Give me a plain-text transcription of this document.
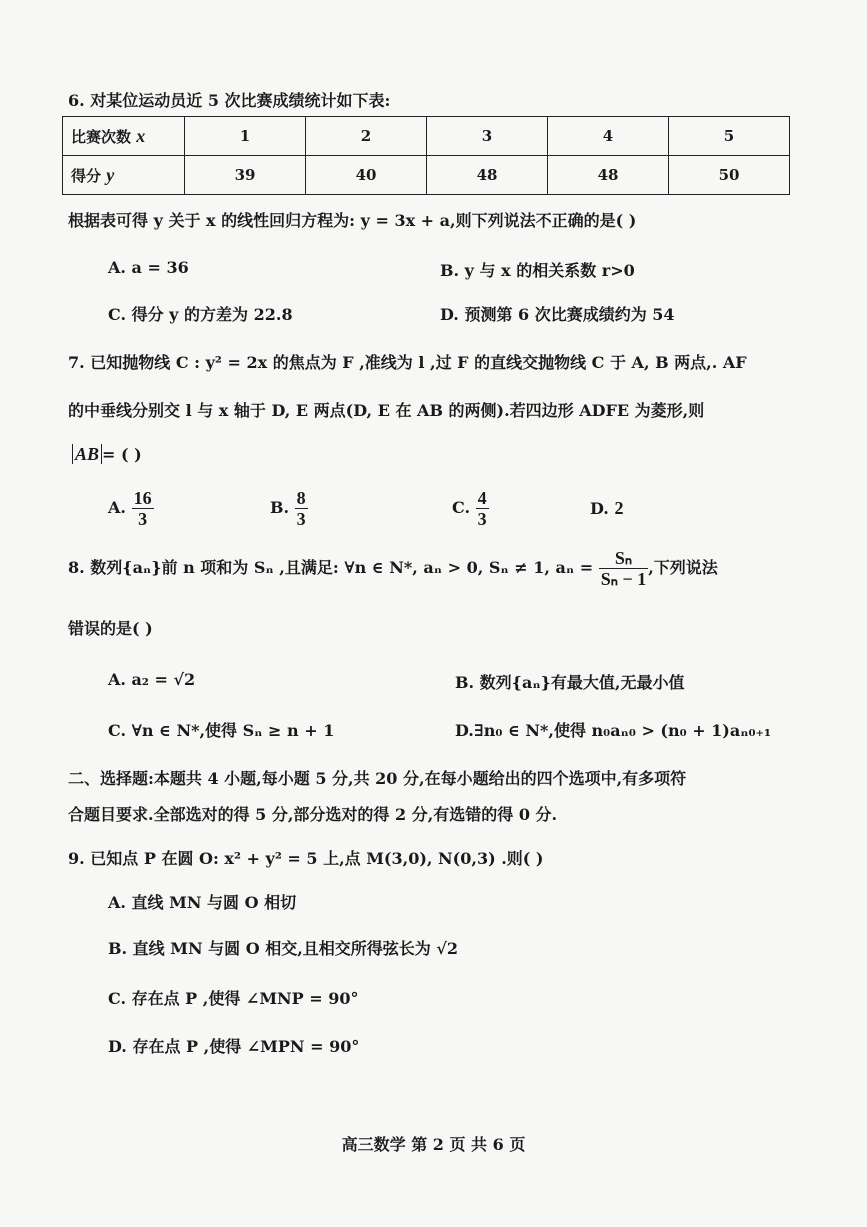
6. 对某位运动员近 5 次比赛成绩统计如下表:
比赛次数 x	1	2	3	4	5
得分 y	39	40	48	48	50
根据表可得 y 关于 x 的线性回归方程为: y = 3x + a,则下列说法不正确的是( )
A. a = 36	B. y 与 x 的相关系数 r>0
C. 得分 y 的方差为 22.8	D. 预测第 6 次比赛成绩约为 54
7. 已知抛物线 C : y² = 2x 的焦点为 F ,准线为 l ,过 F 的直线交抛物线 C 于 A, B 两点,. AF
的中垂线分别交 l 与 x 轴于 D, E 两点(D, E 在 AB 的两侧).若四边形 ADFE 为菱形,则
AB = ( )
A. $\frac{16}{3}$	B. $\frac{8}{3}$	C. $\frac{4}{3}$	D. 2
8. 数列{aₙ}前 n 项和为 Sₙ ,且满足: ∀n ∈ N*, aₙ > 0, Sₙ ≠ 1, $a_n = \frac{\text{Sₙ}}{\text{Sₙ − 1}}$ ,下列说法
错误的是( )
A. a₂ = √2	B. 数列{aₙ}有最大值,无最小值
C. ∀n ∈ N*,使得 Sₙ ≥ n + 1	D.∃n₀ ∈ N*,使得 n₀aₙ₀ > (n₀ + 1)aₙ₀₊₁
二、选择题:本题共 4 小题,每小题 5 分,共 20 分,在每小题给出的四个选项中,有多项符
合题目要求.全部选对的得 5 分,部分选对的得 2 分,有选错的得 0 分.
9. 已知点 P 在圆 O: x² + y² = 5 上,点 M(3,0), N(0,3) .则( )
A. 直线 MN 与圆 O 相切
B. 直线 MN 与圆 O 相交,且相交所得弦长为 √2
C. 存在点 P ,使得 ∠MNP = 90°
D. 存在点 P ,使得 ∠MPN = 90°
高三数学 第 2 页 共 6 页
